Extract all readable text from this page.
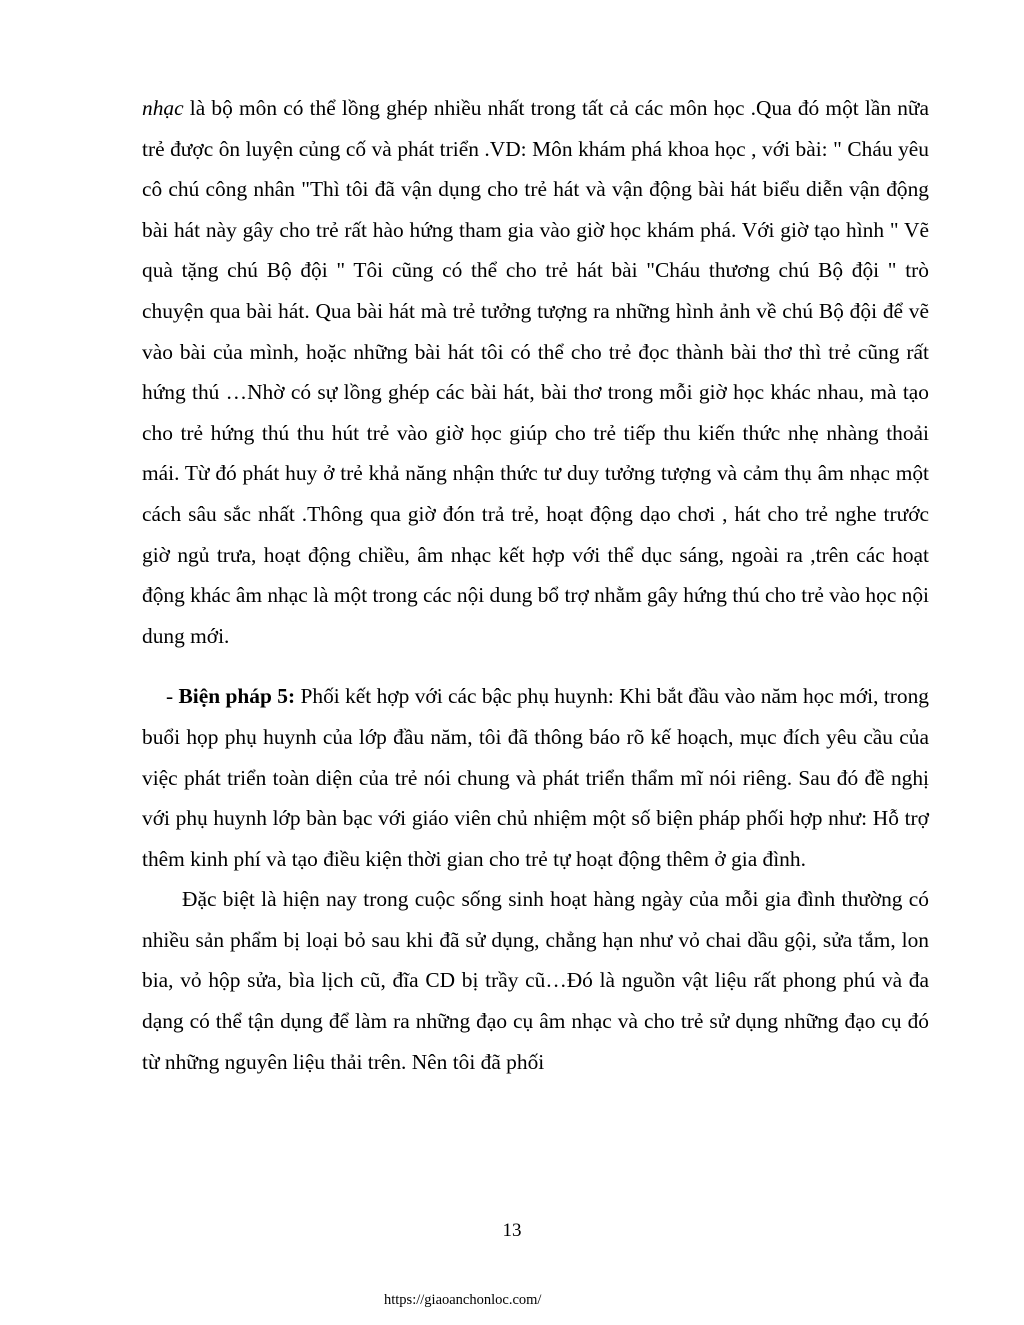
nhạc là bộ môn có thể lồng ghép nhiều nhất trong tất cả các môn học .Qua đó một lần nữa trẻ được ôn luyện củng cố và phát triển .VD: Môn khám phá khoa học , với bài: " Cháu yêu cô chú công nhân "Thì tôi đã vận dụng cho trẻ hát và vận động bài hát biểu diễn vận động bài hát này gây cho trẻ rất hào hứng tham gia vào giờ học khám phá. Với giờ tạo hình " Vẽ quà tặng chú Bộ đội " Tôi cũng có thể cho trẻ hát bài "Cháu thương chú Bộ đội " trò chuyện qua bài hát. Qua bài hát mà trẻ tưởng tượng ra những hình ảnh về chú Bộ đội để vẽ vào bài của mình, hoặc những bài hát tôi có thể cho trẻ đọc thành bài thơ thì trẻ cũng rất hứng thú …Nhờ có sự lồng ghép các bài hát, bài thơ trong mỗi giờ học khác nhau, mà tạo cho trẻ hứng thú thu hút trẻ vào giờ học giúp cho trẻ tiếp thu kiến thức nhẹ nhàng thoải mái. Từ đó phát huy ở trẻ khả năng nhận thức tư duy tưởng tượng và cảm thụ âm nhạc một cách sâu sắc nhất .Thông qua giờ đón trả trẻ, hoạt động dạo chơi , hát cho trẻ nghe trước giờ ngủ trưa, hoạt động chiều, âm nhạc kết hợp với thể dục sáng, ngoài ra ,trên các hoạt động khác âm nhạc là một trong các nội dung bổ trợ nhằm gây hứng thú cho trẻ vào học nội dung mới.

- Biện pháp 5: Phối kết hợp với các bậc phụ huynh: Khi bắt đầu vào năm học mới, trong buổi họp phụ huynh của lớp đầu năm, tôi đã thông báo rõ kế hoạch, mục đích yêu cầu của việc phát triển toàn diện của trẻ nói chung và phát triển thẩm mĩ nói riêng. Sau đó đề nghị với phụ huynh lớp bàn bạc với giáo viên chủ nhiệm một số biện pháp phối hợp như: Hỗ trợ thêm kinh phí và tạo điều kiện thời gian cho trẻ tự hoạt động thêm ở gia đình.

Đặc biệt là hiện nay trong cuộc sống sinh hoạt hàng ngày của mỗi gia đình thường có nhiều sản phẩm bị loại bỏ sau khi đã sử dụng, chẳng hạn như vỏ chai dầu gội, sửa tắm, lon bia, vỏ hộp sửa, bìa lịch cũ, đĩa CD bị trầy cũ…Đó là nguồn vật liệu rất phong phú và đa dạng có thể tận dụng để làm ra những đạo cụ âm nhạc và cho trẻ sử dụng những đạo cụ đó từ những nguyên liệu thải trên. Nên tôi đã phối

13
https://giaoanchonloc.com/
